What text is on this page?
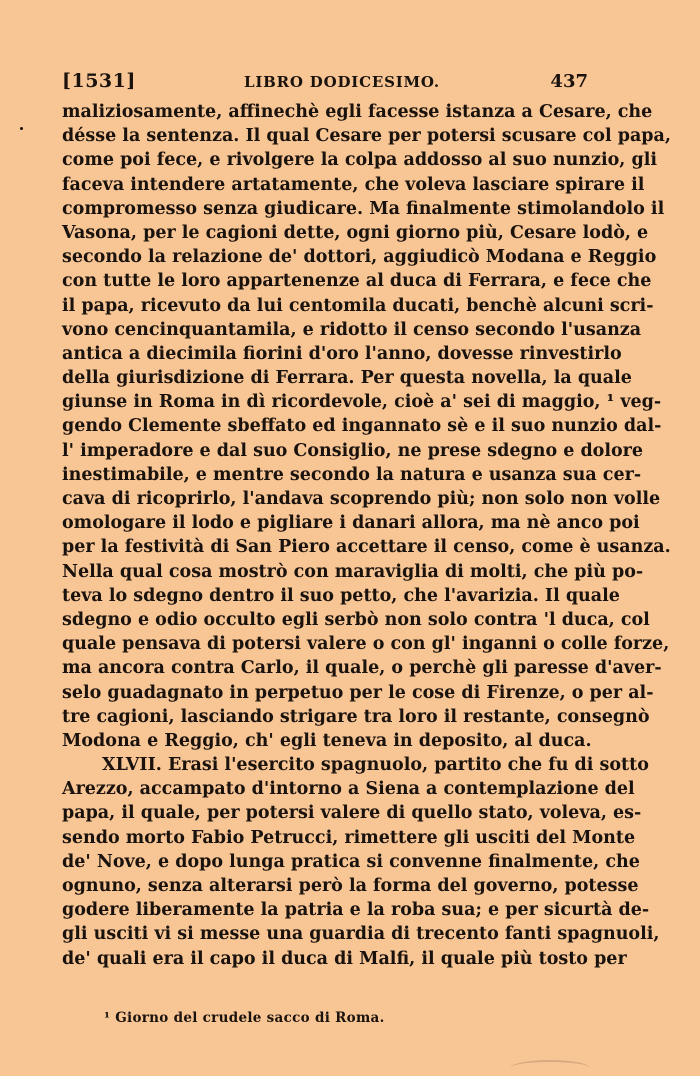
[1531]	LIBRO DODICESIMO.	437
maliziosamente, affinechè egli facesse istanza a Cesare, che
désse la sentenza. Il qual Cesare per potersi scusare col papa,
come poi fece, e rivolgere la colpa addosso al suo nunzio, gli
faceva intendere artatamente, che voleva lasciare spirare il
compromesso senza giudicare. Ma finalmente stimolandolo il
Vasona, per le cagioni dette, ogni giorno più, Cesare lodò, e
secondo la relazione de' dottori, aggiudicò Modana e Reggio
con tutte le loro appartenenze al duca di Ferrara, e fece che
il papa, ricevuto da lui centomila ducati, benchè alcuni scri-
vono cencinquantamila, e ridotto il censo secondo l'usanza
antica a diecimila fiorini d'oro l'anno, dovesse rinvestirlo
della giurisdizione di Ferrara. Per questa novella, la quale
giunse in Roma in dì ricordevole, cioè a' sei di maggio, ¹ veg-
gendo Clemente sbeffato ed ingannato sè e il suo nunzio dal-
l' imperadore e dal suo Consiglio, ne prese sdegno e dolore
inestimabile, e mentre secondo la natura e usanza sua cer-
cava di ricoprirlo, l'andava scoprendo più; non solo non volle
omologare il lodo e pigliare i danari allora, ma nè anco poi
per la festività di San Piero accettare il censo, come è usanza.
Nella qual cosa mostrò con maraviglia di molti, che più po-
teva lo sdegno dentro il suo petto, che l'avarizia. Il quale
sdegno e odio occulto egli serbò non solo contra 'l duca, col
quale pensava di potersi valere o con gl' inganni o colle forze,
ma ancora contra Carlo, il quale, o perchè gli paresse d'aver-
selo guadagnato in perpetuo per le cose di Firenze, o per al-
tre cagioni, lasciando strigare tra loro il restante, consegnò
Modona e Reggio, ch' egli teneva in deposito, al duca.
XLVII. Erasi l'esercito spagnuolo, partito che fu di sotto
Arezzo, accampato d'intorno a Siena a contemplazione del
papa, il quale, per potersi valere di quello stato, voleva, es-
sendo morto Fabio Petrucci, rimettere gli usciti del Monte
de' Nove, e dopo lunga pratica si convenne finalmente, che
ognuno, senza alterarsi però la forma del governo, potesse
godere liberamente la patria e la roba sua; e per sicurtà de-
gli usciti vi si messe una guardia di trecento fanti spagnuoli,
de' quali era il capo il duca di Malfi, il quale più tosto per
¹ Giorno del crudele sacco di Roma.
